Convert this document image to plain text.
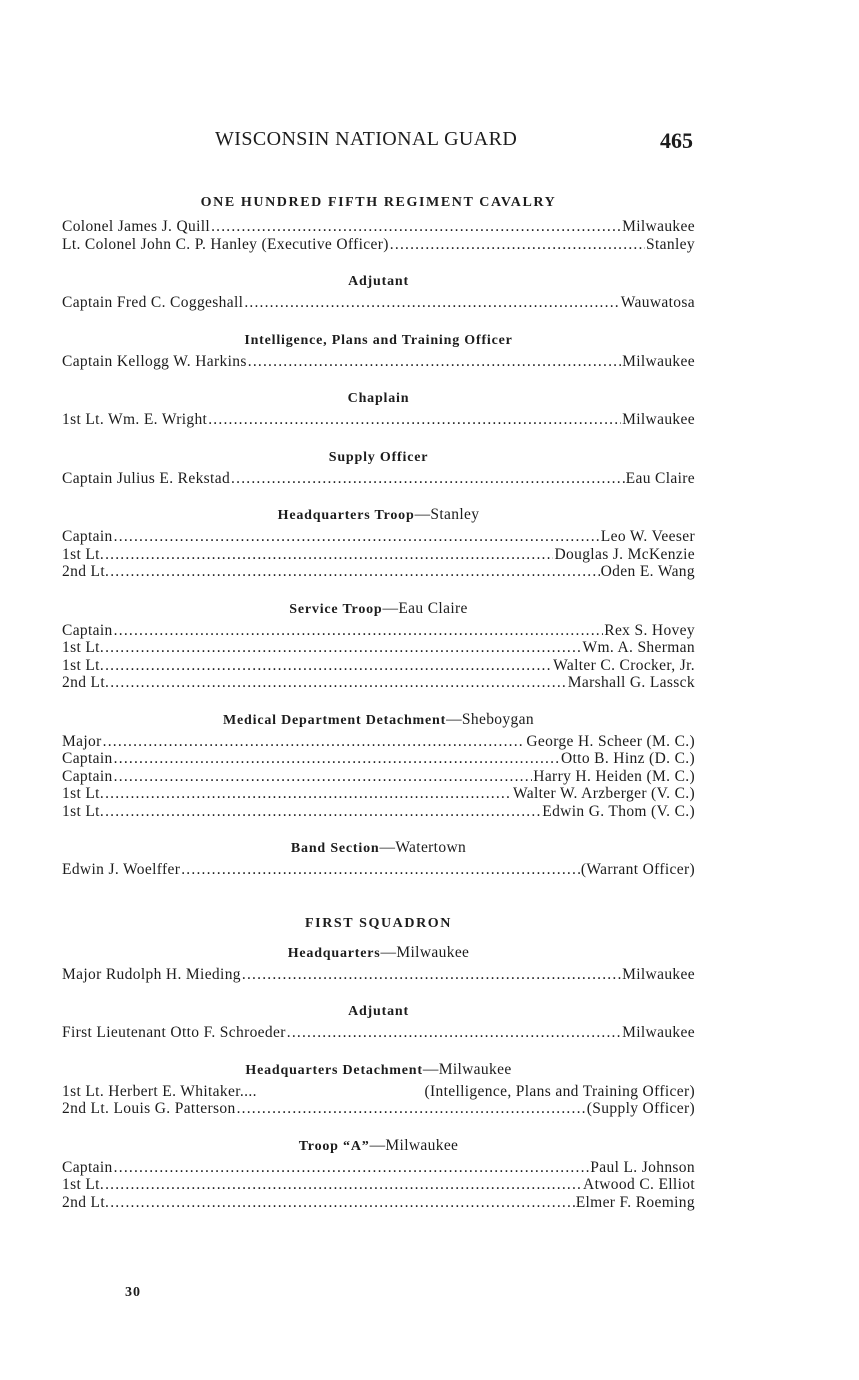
WISCONSIN NATIONAL GUARD	465
ONE HUNDRED FIFTH REGIMENT CAVALRY
Colonel James J. Quill .....	Milwaukee
Lt. Colonel John C. P. Hanley (Executive Officer) .....	Stanley
Adjutant
Captain Fred C. Coggeshall .....	Wauwatosa
Intelligence, Plans and Training Officer
Captain Kellogg W. Harkins .....	Milwaukee
Chaplain
1st Lt. Wm. E. Wright .....	Milwaukee
Supply Officer
Captain Julius E. Rekstad .....	Eau Claire
Headquarters Troop—Stanley
Captain .....	Leo W. Veeser
1st Lt. .....	Douglas J. McKenzie
2nd Lt. .....	Oden E. Wang
Service Troop—Eau Claire
Captain .....	Rex S. Hovey
1st Lt. .....	Wm. A. Sherman
1st Lt. .....	Walter C. Crocker, Jr.
2nd Lt. .....	Marshall G. Lassck
Medical Department Detachment—Sheboygan
Major .....	George H. Scheer (M. C.)
Captain .....	Otto B. Hinz (D. C.)
Captain .....	Harry H. Heiden (M. C.)
1st Lt. .....	Walter W. Arzberger (V. C.)
1st Lt. .....	Edwin G. Thom (V. C.)
Band Section—Watertown
Edwin J. Woelffer .....	(Warrant Officer)
FIRST SQUADRON
Headquarters—Milwaukee
Major Rudolph H. Mieding .....	Milwaukee
Adjutant
First Lieutenant Otto F. Schroeder .....	Milwaukee
Headquarters Detachment—Milwaukee
1st Lt. Herbert E. Whitaker....	(Intelligence, Plans and Training Officer)
2nd Lt. Louis G. Patterson .....	(Supply Officer)
Troop “A”—Milwaukee
Captain .....	Paul L. Johnson
1st Lt. .....	Atwood C. Elliot
2nd Lt. .....	Elmer F. Roeming
30
